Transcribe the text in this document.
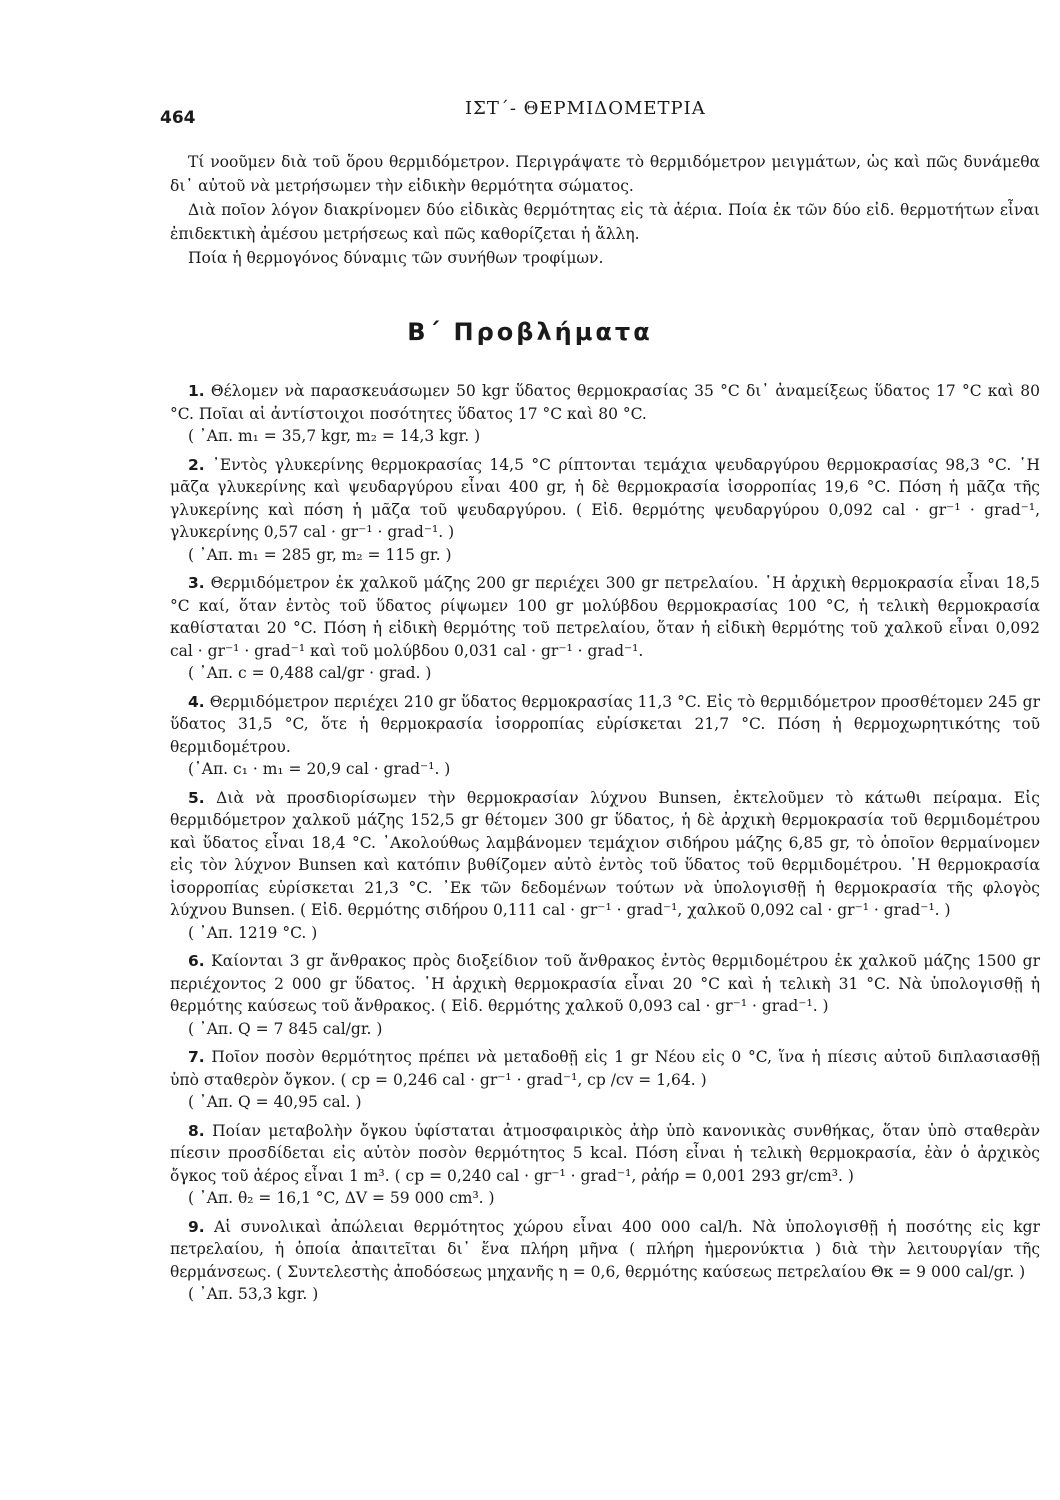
464	ΙΣΤ΄- ΘΕΡΜΙΔΟΜΕΤΡΙΑ

Τί νοοῦμεν διὰ τοῦ ὅρου θερμιδόμετρον. Περιγράψατε τὸ θερμιδόμετρον μειγμάτων, ὡς καὶ πῶς δυνάμεθα δι᾽ αὐτοῦ νὰ μετρήσωμεν τὴν εἰδικὴν θερμότητα σώματος.

Διὰ ποῖον λόγον διακρίνομεν δύο εἰδικὰς θερμότητας εἰς τὰ ἀέρια. Ποία ἐκ τῶν δύο εἰδ. θερμοτήτων εἶναι ἐπιδεκτικὴ ἀμέσου μετρήσεως καὶ πῶς καθορίζεται ἡ ἄλλη.

Ποία ἡ θερμογόνος δύναμις τῶν συνήθων τροφίμων.

Β΄ Προβλήματα

1. Θέλομεν νὰ παρασκευάσωμεν 50 kgr ὕδατος θερμοκρασίας 35 °C δι᾽ ἀναμείξεως ὕδατος 17 °C καὶ 80 °C. Ποῖαι αἱ ἀντίστοιχοι ποσότητες ὕδατος 17 °C καὶ 80 °C.

( ᾽Απ. m₁ = 35,7 kgr, m₂ = 14,3 kgr. )

2. ᾽Εντὸς γλυκερίνης θερμοκρασίας 14,5 °C ρίπτονται τεμάχια ψευδαργύρου θερμοκρασίας 98,3 °C. ῾Η μᾶζα γλυκερίνης καὶ ψευδαργύρου εἶναι 400 gr, ἡ δὲ θερμοκρασία ἰσορροπίας 19,6 °C. Πόση ἡ μᾶζα τῆς γλυκερίνης καὶ πόση ἡ μᾶζα τοῦ ψευδαργύρου. ( Εἰδ. θερμότης ψευδαργύρου 0,092 cal · gr⁻¹ · grad⁻¹, γλυκερίνης 0,57 cal · gr⁻¹ · grad⁻¹. )

( ᾽Απ. m₁ = 285 gr, m₂ = 115 gr. )

3. Θερμιδόμετρον ἐκ χαλκοῦ μάζης 200 gr περιέχει 300 gr πετρελαίου. ῾Η ἀρχικὴ θερμοκρασία εἶναι 18,5 °C καί, ὅταν ἐντὸς τοῦ ὕδατος ρίψωμεν 100 gr μολύβδου θερμοκρασίας 100 °C, ἡ τελικὴ θερμοκρασία καθίσταται 20 °C. Πόση ἡ εἰδικὴ θερμότης τοῦ πετρελαίου, ὅταν ἡ εἰδικὴ θερμότης τοῦ χαλκοῦ εἶναι 0,092 cal · gr⁻¹ · grad⁻¹ καὶ τοῦ μολύβδου 0,031 cal · gr⁻¹ · grad⁻¹.

( ᾽Απ. c = 0,488 cal/gr · grad. )

4. Θερμιδόμετρον περιέχει 210 gr ὕδατος θερμοκρασίας 11,3 °C. Εἰς τὸ θερμιδόμετρον προσθέτομεν 245 gr ὕδατος 31,5 °C, ὅτε ἡ θερμοκρασία ἰσορροπίας εὑρίσκεται 21,7 °C. Πόση ἡ θερμοχωρητικότης τοῦ θερμιδομέτρου.

(᾽Απ. c₁ · m₁ = 20,9 cal · grad⁻¹. )

5. Διὰ νὰ προσδιορίσωμεν τὴν θερμοκρασίαν λύχνου Bunsen, ἐκτελοῦμεν τὸ κάτωθι πείραμα. Εἰς θερμιδόμετρον χαλκοῦ μάζης 152,5 gr θέτομεν 300 gr ὕδατος, ἡ δὲ ἀρχικὴ θερμοκρασία τοῦ θερμιδομέτρου καὶ ὕδατος εἶναι 18,4 °C. ᾽Ακολούθως λαμβάνομεν τεμάχιον σιδήρου μάζης 6,85 gr, τὸ ὁποῖον θερμαίνομεν εἰς τὸν λύχνον Bunsen καὶ κατόπιν βυθίζομεν αὐτὸ ἐντὸς τοῦ ὕδατος τοῦ θερμιδομέτρου. ῾Η θερμοκρασία ἰσορροπίας εὑρίσκεται 21,3 °C. ᾽Εκ τῶν δεδομένων τούτων νὰ ὑπολογισθῇ ἡ θερμοκρασία τῆς φλογὸς λύχνου Bunsen. ( Εἰδ. θερμότης σιδήρου 0,111 cal · gr⁻¹ · grad⁻¹, χαλκοῦ 0,092 cal · gr⁻¹ · grad⁻¹. )

( ᾽Απ. 1219 °C. )

6. Καίονται 3 gr ἄνθρακος πρὸς διοξείδιον τοῦ ἄνθρακος ἐντὸς θερμιδομέτρου ἐκ χαλκοῦ μάζης 1500 gr περιέχοντος 2 000 gr ὕδατος. ῾Η ἀρχικὴ θερμοκρασία εἶναι 20 °C καὶ ἡ τελικὴ 31 °C. Νὰ ὑπολογισθῇ ἡ θερμότης καύσεως τοῦ ἄνθρακος. ( Εἰδ. θερμότης χαλκοῦ 0,093 cal · gr⁻¹ · grad⁻¹. )

( ᾽Απ. Q = 7 845 cal/gr. )

7. Ποῖον ποσὸν θερμότητος πρέπει νὰ μεταδοθῇ εἰς 1 gr Νέου εἰς 0 °C, ἵνα ἡ πίεσις αὐτοῦ διπλασιασθῇ ὑπὸ σταθερὸν ὄγκον. ( cp = 0,246 cal · gr⁻¹ · grad⁻¹, cp /cv = 1,64. )

( ᾽Απ. Q = 40,95 cal. )

8. Ποίαν μεταβολὴν ὄγκου ὑφίσταται ἀτμοσφαιρικὸς ἀὴρ ὑπὸ κανονικὰς συνθήκας, ὅταν ὑπὸ σταθερὰν πίεσιν προσδίδεται εἰς αὐτὸν ποσὸν θερμότητος 5 kcal. Πόση εἶναι ἡ τελικὴ θερμοκρασία, ἐὰν ὁ ἀρχικὸς ὄγκος τοῦ ἀέρος εἶναι 1 m³. ( cp = 0,240 cal · gr⁻¹ · grad⁻¹, ρἀήρ = 0,001 293 gr/cm³. )

( ᾽Απ. θ₂ = 16,1 °C, ΔV = 59 000 cm³. )

9. Αἱ συνολικαὶ ἀπώλειαι θερμότητος χώρου εἶναι 400 000 cal/h. Νὰ ὑπολογισθῇ ἡ ποσότης εἰς kgr πετρελαίου, ἡ ὁποία ἀπαιτεῖται δι᾽ ἕνα πλήρη μῆνα ( πλήρη ἡμερονύκτια ) διὰ τὴν λειτουργίαν τῆς θερμάνσεως. ( Συντελεστὴς ἀποδόσεως μηχανῆς η = 0,6, θερμότης καύσεως πετρελαίου Θκ = 9 000 cal/gr. )

( ᾽Απ. 53,3 kgr. )
